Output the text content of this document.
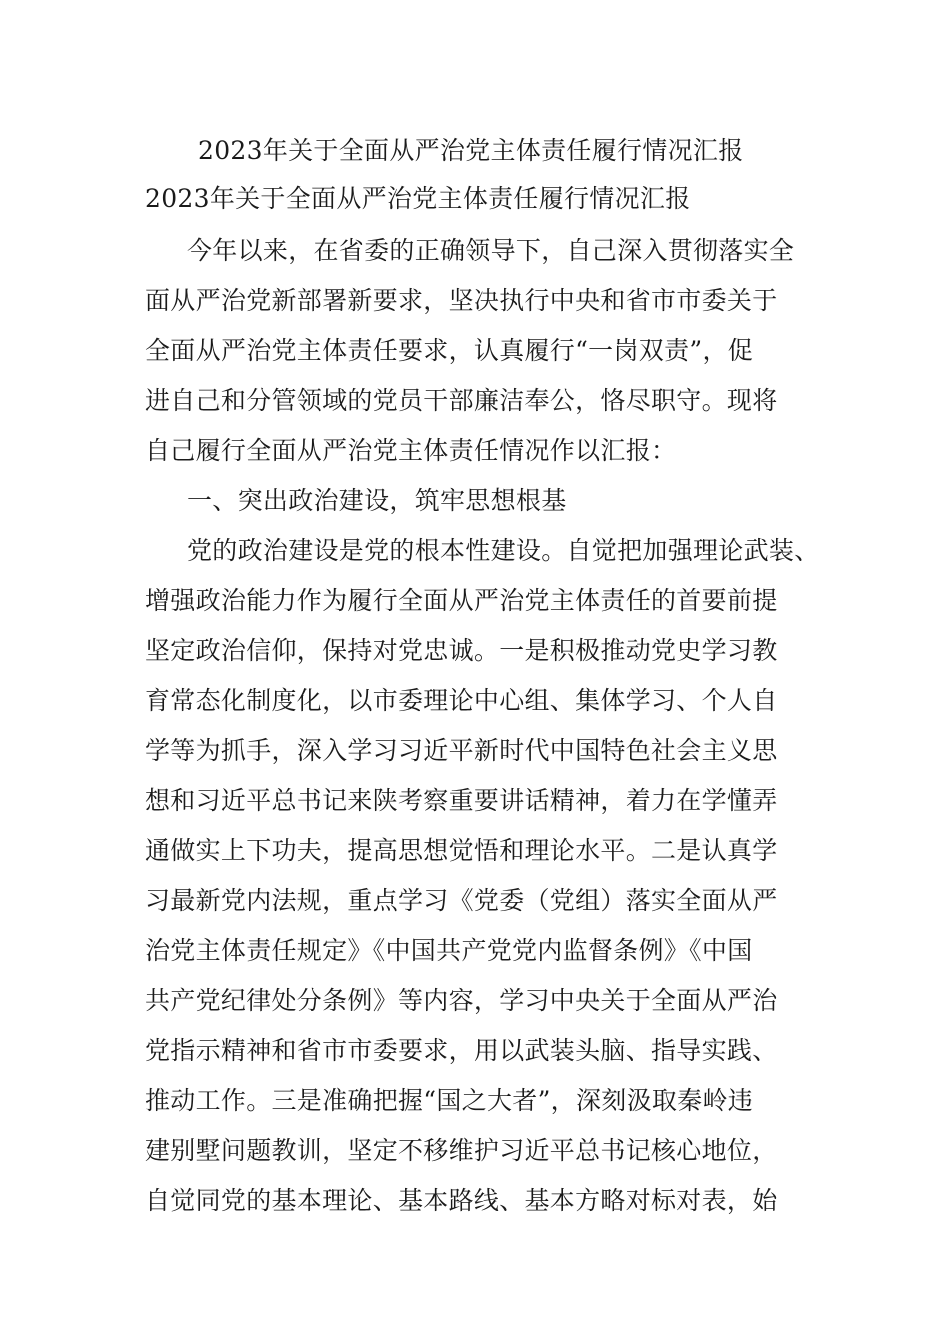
2023年关于全面从严治党主体责任履行情况汇报
2023年关于全面从严治党主体责任履行情况汇报
今年以来，在省委的正确领导下，自己深入贯彻落实全
面从严治党新部署新要求，坚决执行中央和省市市委关于
全面从严治党主体责任要求，认真履行“一岗双责”，促
进自己和分管领域的党员干部廉洁奉公，恪尽职守。现将
自己履行全面从严治党主体责任情况作以汇报：
一、突出政治建设，筑牢思想根基
党的政治建设是党的根本性建设。自觉把加强理论武装、
增强政治能力作为履行全面从严治党主体责任的首要前提
坚定政治信仰，保持对党忠诚。一是积极推动党史学习教
育常态化制度化，以市委理论中心组、集体学习、个人自
学等为抓手，深入学习习近平新时代中国特色社会主义思
想和习近平总书记来陕考察重要讲话精神，着力在学懂弄
通做实上下功夫，提高思想觉悟和理论水平。二是认真学
习最新党内法规，重点学习《党委（党组）落实全面从严
治党主体责任规定》《中国共产党党内监督条例》《中国
共产党纪律处分条例》等内容，学习中央关于全面从严治
党指示精神和省市市委要求，用以武装头脑、指导实践、
推动工作。三是准确把握“国之大者”，深刻汲取秦岭违
建别墅问题教训，坚定不移维护习近平总书记核心地位，
自觉同党的基本理论、基本路线、基本方略对标对表，始
